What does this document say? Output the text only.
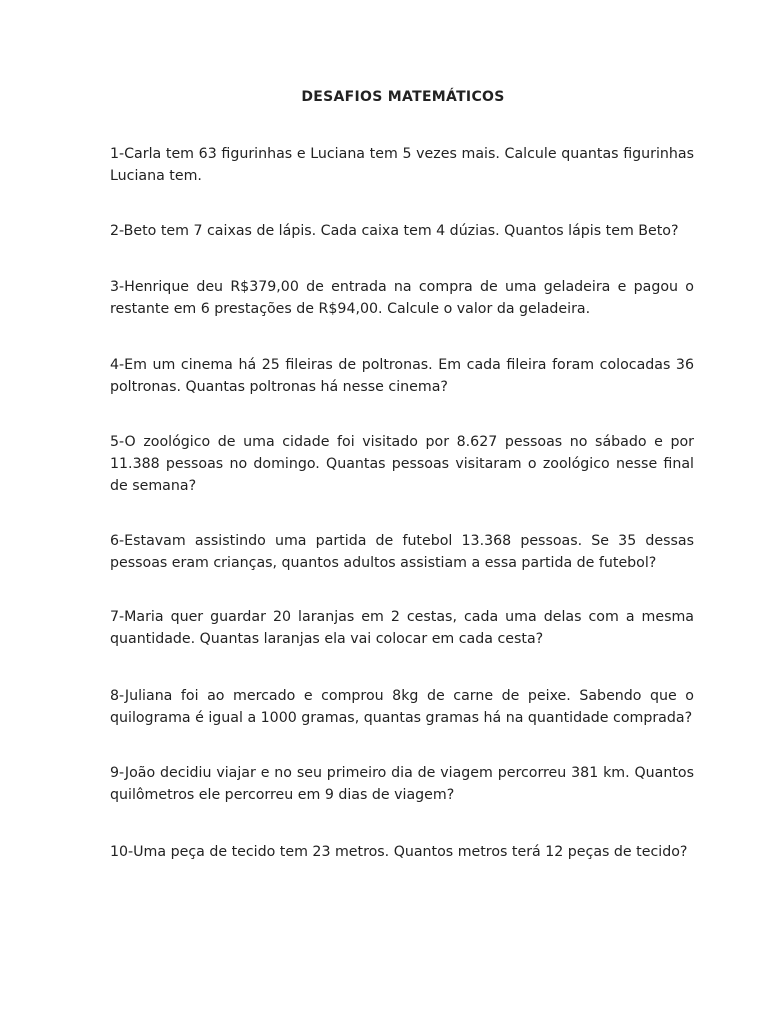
DESAFIOS MATEMÁTICOS

1-Carla tem 63 figurinhas e Luciana tem 5 vezes mais. Calcule quantas figurinhas Luciana tem.

2-Beto tem 7 caixas de lápis. Cada caixa tem 4 dúzias. Quantos lápis tem Beto?

3-Henrique deu R$379,00 de entrada na compra de uma geladeira e pagou o restante em 6 prestações de R$94,00. Calcule o valor da geladeira.

4-Em um cinema há 25 fileiras de poltronas. Em cada fileira foram colocadas 36 poltronas. Quantas poltronas há nesse cinema?

5-O zoológico de uma cidade foi visitado por 8.627 pessoas no sábado e por 11.388 pessoas no domingo. Quantas pessoas visitaram o zoológico nesse final de semana?

6-Estavam assistindo uma partida de futebol 13.368 pessoas. Se 35 dessas pessoas eram crianças, quantos adultos assistiam a essa partida de futebol?

7-Maria quer guardar 20 laranjas em 2 cestas, cada uma delas com a mesma quantidade. Quantas laranjas ela vai colocar em cada cesta?

8-Juliana foi ao mercado e comprou 8kg de carne de peixe. Sabendo que o quilograma é igual a 1000 gramas, quantas gramas há na quantidade comprada?

9-João decidiu viajar e no seu primeiro dia de viagem percorreu 381 km. Quantos quilômetros ele percorreu em 9 dias de viagem?

10-Uma peça de tecido tem 23 metros. Quantos metros terá 12 peças de tecido?
